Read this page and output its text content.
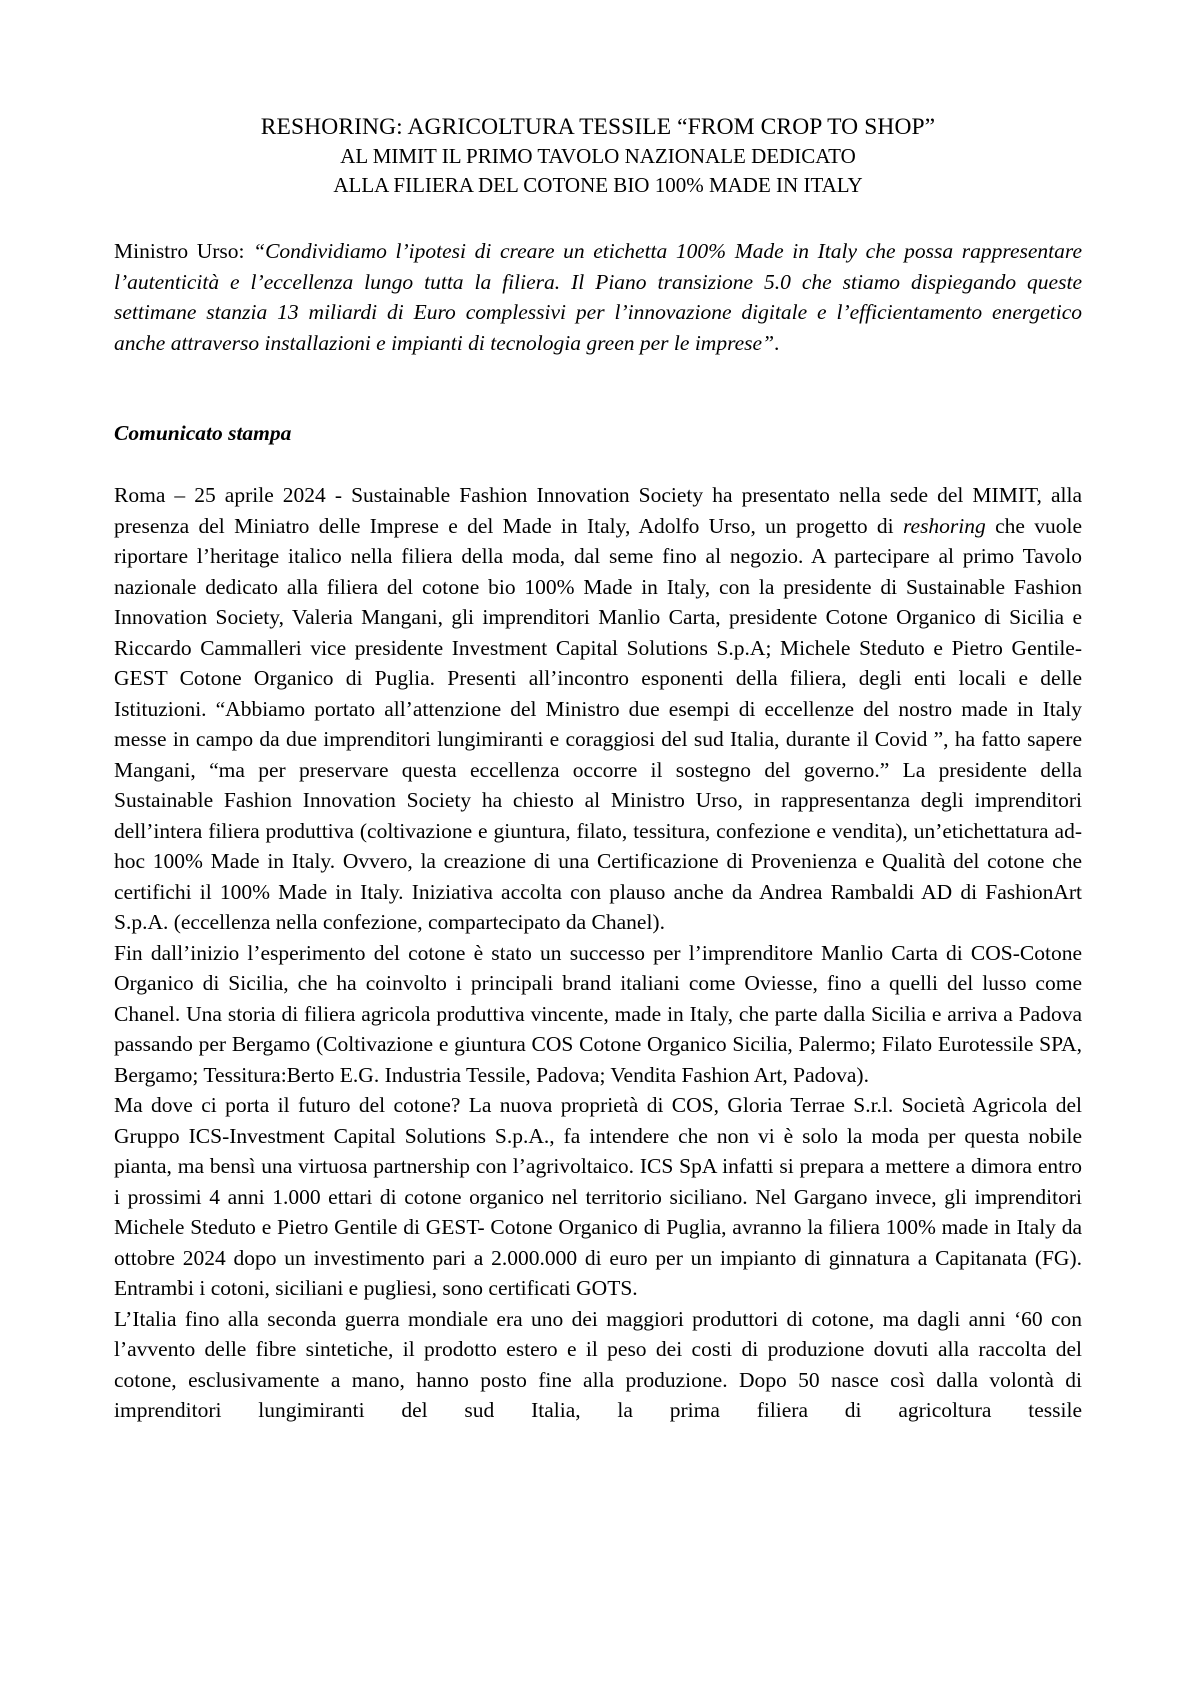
RESHORING: AGRICOLTURA TESSILE “FROM CROP TO SHOP”
AL MIMIT IL PRIMO TAVOLO NAZIONALE DEDICATO
ALLA FILIERA DEL COTONE BIO 100% MADE IN ITALY
Ministro Urso: “Condividiamo l’ipotesi di creare un etichetta 100% Made in Italy che possa rappresentare l’autenticità e l’eccellenza lungo tutta la filiera. Il Piano transizione 5.0 che stiamo dispiegando queste settimane stanzia 13 miliardi di Euro complessivi per l’innovazione digitale e l’efficientamento energetico anche attraverso installazioni e impianti di tecnologia green per le imprese”.
Comunicato stampa

Roma – 25 aprile 2024 - Sustainable Fashion Innovation Society ha presentato nella sede del MIMIT, alla presenza del Miniatro delle Imprese e del Made in Italy, Adolfo Urso, un progetto di reshoring che vuole riportare l’heritage italico nella filiera della moda, dal seme fino al negozio. A partecipare al primo Tavolo nazionale dedicato alla filiera del cotone bio 100% Made in Italy, con la presidente di Sustainable Fashion Innovation Society, Valeria Mangani, gli imprenditori Manlio Carta, presidente Cotone Organico di Sicilia e Riccardo Cammalleri vice presidente Investment Capital Solutions S.p.A; Michele Steduto e Pietro Gentile- GEST Cotone Organico di Puglia. Presenti all’incontro esponenti della filiera, degli enti locali e delle Istituzioni. “Abbiamo portato all’attenzione del Ministro due esempi di eccellenze del nostro made in Italy messe in campo da due imprenditori lungimiranti e coraggiosi del sud Italia, durante il Covid ”, ha fatto sapere Mangani, “ma per preservare questa eccellenza occorre il sostegno del governo.” La presidente della Sustainable Fashion Innovation Society ha chiesto al Ministro Urso, in rappresentanza degli imprenditori dell’intera filiera produttiva (coltivazione e giuntura, filato, tessitura, confezione e vendita), un’etichettatura ad-hoc 100% Made in Italy. Ovvero, la creazione di una Certificazione di Provenienza e Qualità del cotone che certifichi il 100% Made in Italy. Iniziativa accolta con plauso anche da Andrea Rambaldi AD di FashionArt S.p.A. (eccellenza nella confezione, compartecipato da Chanel).

Fin dall’inizio l’esperimento del cotone è stato un successo per l’imprenditore Manlio Carta di COS-Cotone Organico di Sicilia, che ha coinvolto i principali brand italiani come Oviesse, fino a quelli del lusso come Chanel. Una storia di filiera agricola produttiva vincente, made in Italy, che parte dalla Sicilia e arriva a Padova passando per Bergamo (Coltivazione e giuntura COS Cotone Organico Sicilia, Palermo; Filato Eurotessile SPA, Bergamo; Tessitura:Berto E.G. Industria Tessile, Padova; Vendita Fashion Art, Padova).

Ma dove ci porta il futuro del cotone? La nuova proprietà di COS, Gloria Terrae S.r.l. Società Agricola del Gruppo ICS-Investment Capital Solutions S.p.A., fa intendere che non vi è solo la moda per questa nobile pianta, ma bensì una virtuosa partnership con l’agrivoltaico. ICS SpA infatti si prepara a mettere a dimora entro i prossimi 4 anni 1.000 ettari di cotone organico nel territorio siciliano. Nel Gargano invece, gli imprenditori Michele Steduto e Pietro Gentile di GEST- Cotone Organico di Puglia, avranno la filiera 100% made in Italy da ottobre 2024 dopo un investimento pari a 2.000.000 di euro per un impianto di ginnatura a Capitanata (FG). Entrambi i cotoni, siciliani e pugliesi, sono certificati GOTS.

L’Italia fino alla seconda guerra mondiale era uno dei maggiori produttori di cotone, ma dagli anni ‘60 con l’avvento delle fibre sintetiche, il prodotto estero e il peso dei costi di produzione dovuti alla raccolta del cotone, esclusivamente a mano, hanno posto fine alla produzione. Dopo 50 nasce così dalla volontà di imprenditori lungimiranti del sud Italia, la prima filiera di agricoltura tessile
